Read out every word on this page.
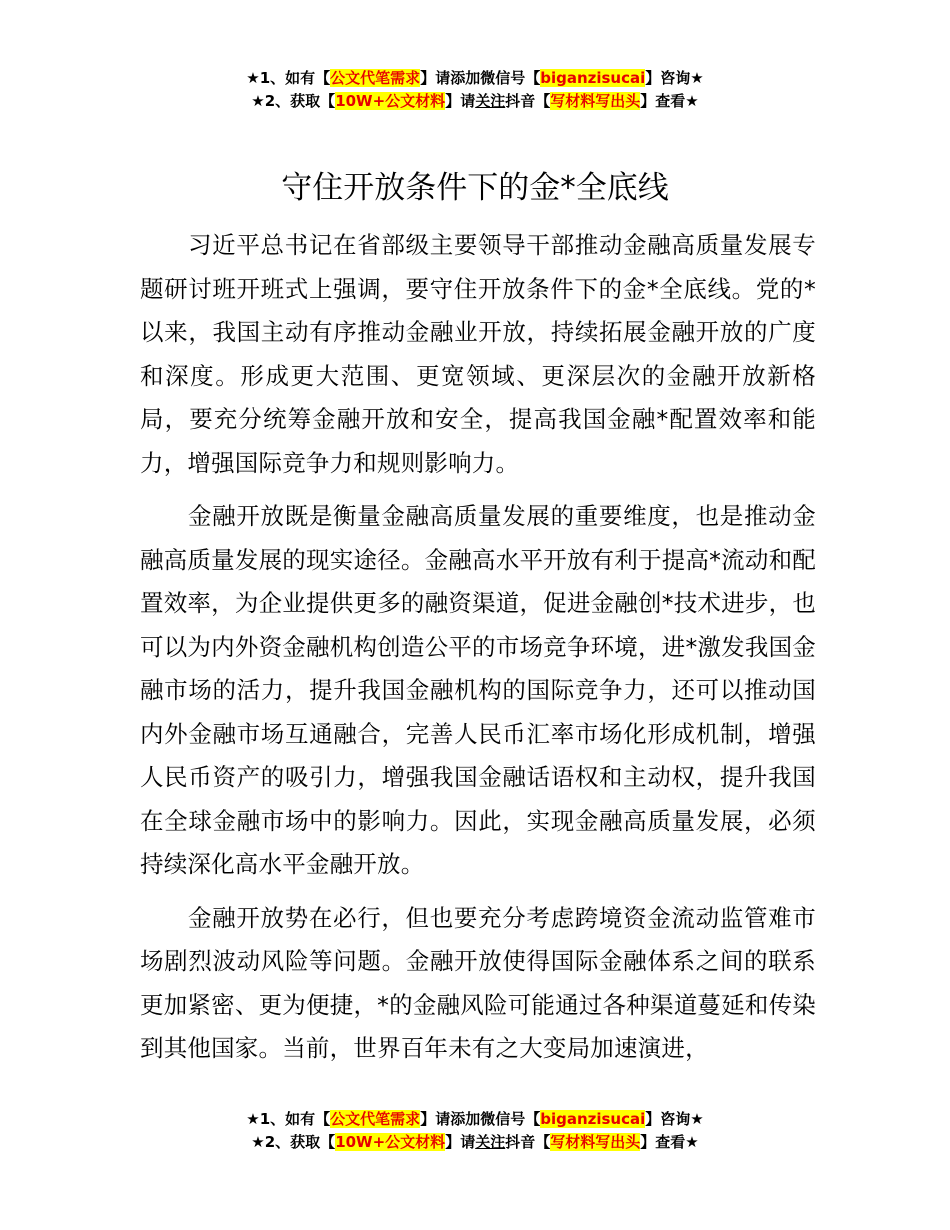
★1、如有【公文代笔需求】请添加微信号【biganzisucai】咨询★
★2、获取【10W+公文材料】请关注抖音【写材料写出头】查看★
守住开放条件下的金*全底线

习近平总书记在省部级主要领导干部推动金融高质量发展专题研讨班开班式上强调，要守住开放条件下的金*全底线。党的*以来，我国主动有序推动金融业开放，持续拓展金融开放的广度和深度。形成更大范围、更宽领域、更深层次的金融开放新格局，要充分统筹金融开放和安全，提高我国金融*配置效率和能力，增强国际竞争力和规则影响力。

金融开放既是衡量金融高质量发展的重要维度，也是推动金融高质量发展的现实途径。金融高水平开放有利于提高*流动和配置效率，为企业提供更多的融资渠道，促进金融创*技术进步，也可以为内外资金融机构创造公平的市场竞争环境，进*激发我国金融市场的活力，提升我国金融机构的国际竞争力，还可以推动国内外金融市场互通融合，完善人民币汇率市场化形成机制，增强人民币资产的吸引力，增强我国金融话语权和主动权，提升我国在全球金融市场中的影响力。因此，实现金融高质量发展，必须持续深化高水平金融开放。

金融开放势在必行，但也要充分考虑跨境资金流动监管难市场剧烈波动风险等问题。金融开放使得国际金融体系之间的联系更加紧密、更为便捷，*的金融风险可能通过各种渠道蔓延和传染到其他国家。当前，世界百年未有之大变局加速演进，

★1、如有【公文代笔需求】请添加微信号【biganzisucai】咨询★
★2、获取【10W+公文材料】请关注抖音【写材料写出头】查看★
